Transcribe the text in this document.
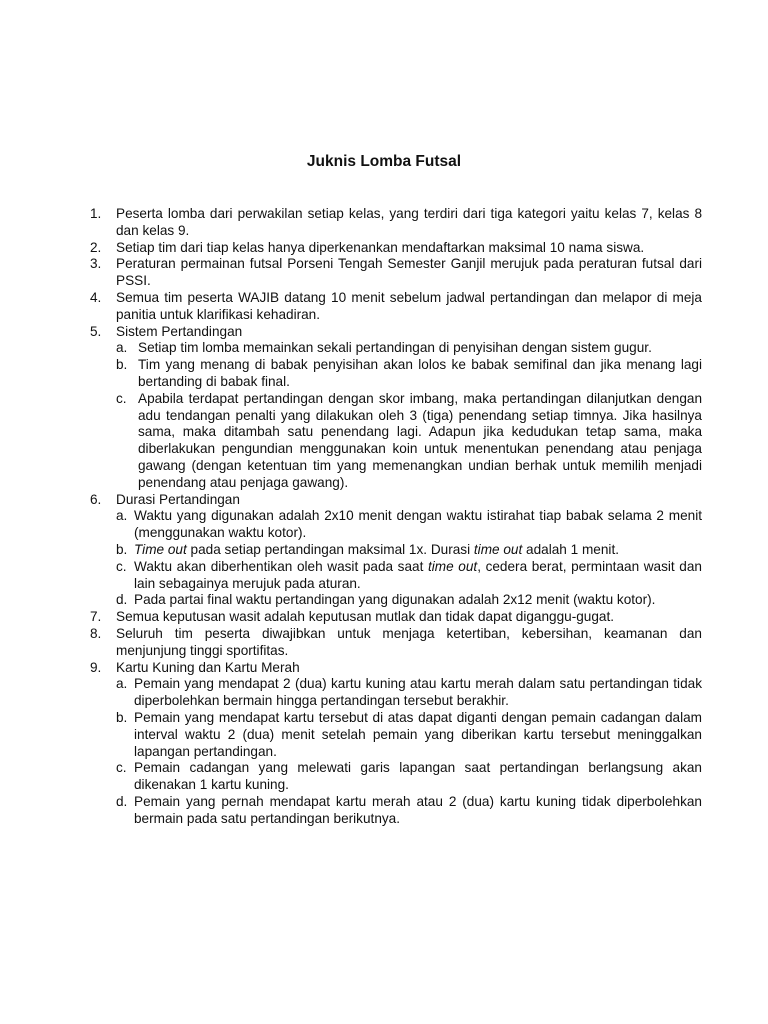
Juknis Lomba Futsal
1.	Peserta lomba dari perwakilan setiap kelas, yang terdiri dari tiga kategori yaitu kelas 7, kelas 8 dan kelas 9.
2.	Setiap tim dari tiap kelas hanya diperkenankan mendaftarkan maksimal 10 nama siswa.
3.	Peraturan permainan futsal Porseni Tengah Semester Ganjil merujuk pada peraturan futsal dari PSSI.
4.	Semua tim peserta WAJIB datang 10 menit sebelum jadwal pertandingan dan melapor di meja panitia untuk klarifikasi kehadiran.
5.	Sistem Pertandingan
a. Setiap tim lomba memainkan sekali pertandingan di penyisihan dengan sistem gugur.
b. Tim yang menang di babak penyisihan akan lolos ke babak semifinal dan jika menang lagi bertanding di babak final.
c. Apabila terdapat pertandingan dengan skor imbang, maka pertandingan dilanjutkan dengan adu tendangan penalti yang dilakukan oleh 3 (tiga) penendang setiap timnya. Jika hasilnya sama, maka ditambah satu penendang lagi. Adapun jika kedudukan tetap sama, maka diberlakukan pengundian menggunakan koin untuk menentukan penendang atau penjaga gawang (dengan ketentuan tim yang memenangkan undian berhak untuk memilih menjadi penendang atau penjaga gawang).
6.	Durasi Pertandingan
a. Waktu yang digunakan adalah 2x10 menit dengan waktu istirahat tiap babak selama 2 menit (menggunakan waktu kotor).
b. Time out pada setiap pertandingan maksimal 1x. Durasi time out adalah 1 menit.
c. Waktu akan diberhentikan oleh wasit pada saat time out, cedera berat, permintaan wasit dan lain sebagainya merujuk pada aturan.
d. Pada partai final waktu pertandingan yang digunakan adalah 2x12 menit (waktu kotor).
7.	Semua keputusan wasit adalah keputusan mutlak dan tidak dapat diganggu-gugat.
8.	Seluruh tim peserta diwajibkan untuk menjaga ketertiban, kebersihan, keamanan dan menjunjung tinggi sportifitas.
9.	Kartu Kuning dan Kartu Merah
a. Pemain yang mendapat 2 (dua) kartu kuning atau kartu merah dalam satu pertandingan tidak diperbolehkan bermain hingga pertandingan tersebut berakhir.
b. Pemain yang mendapat kartu tersebut di atas dapat diganti dengan pemain cadangan dalam interval waktu 2 (dua) menit setelah pemain yang diberikan kartu tersebut meninggalkan lapangan pertandingan.
c. Pemain cadangan yang melewati garis lapangan saat pertandingan berlangsung akan dikenakan 1 kartu kuning.
d. Pemain yang pernah mendapat kartu merah atau 2 (dua) kartu kuning tidak diperbolehkan bermain pada satu pertandingan berikutnya.
